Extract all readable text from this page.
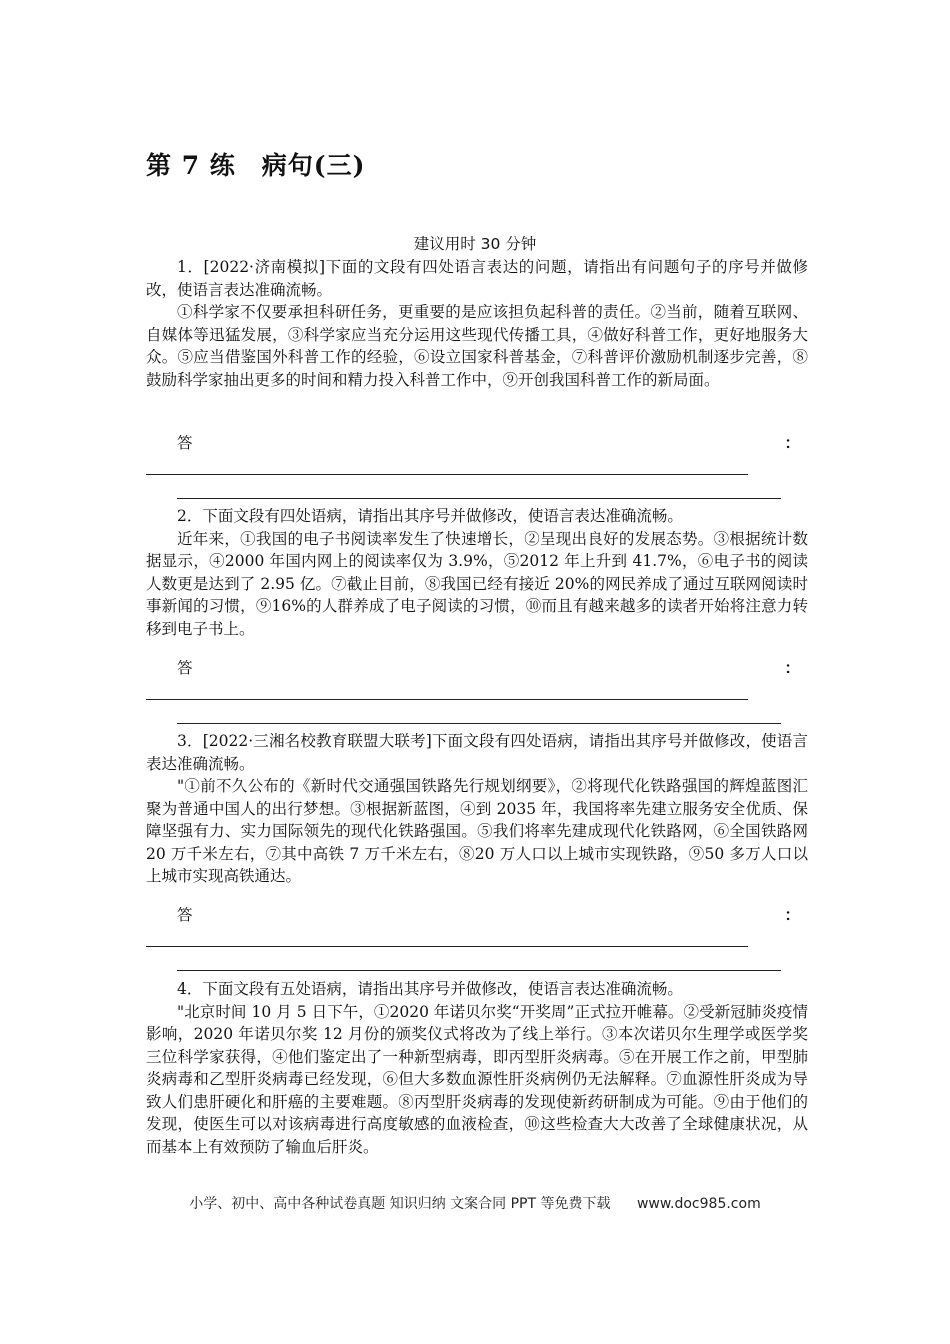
第 7 练　病句(三)
建议用时 30 分钟

1．[2022·济南模拟]下面的文段有四处语言表达的问题，请指出有问题句子的序号并做修改，使语言表达准确流畅。

①科学家不仅要承担科研任务，更重要的是应该担负起科普的责任。②当前，随着互联网、自媒体等迅猛发展，③科学家应当充分运用这些现代传播工具，④做好科普工作，更好地服务大众。⑤应当借鉴国外科普工作的经验，⑥设立国家科普基金，⑦科普评价激励机制逐步完善，⑧鼓励科学家抽出更多的时间和精力投入科普工作中，⑨开创我国科普工作的新局面。

答	：

2．下面文段有四处语病，请指出其序号并做修改，使语言表达准确流畅。

近年来，①我国的电子书阅读率发生了快速增长，②呈现出良好的发展态势。③根据统计数据显示，④2000 年国内网上的阅读率仅为 3.9%，⑤2012 年上升到 41.7%，⑥电子书的阅读人数更是达到了 2.95 亿。⑦截止目前，⑧我国已经有接近 20%的网民养成了通过互联网阅读时事新闻的习惯，⑨16%的人群养成了电子阅读的习惯，⑩而且有越来越多的读者开始将注意力转移到电子书上。

答	：

3．[2022·三湘名校教育联盟大联考]下面文段有四处语病，请指出其序号并做修改，使语言表达准确流畅。

"①前不久公布的《新时代交通强国铁路先行规划纲要》，②将现代化铁路强国的辉煌蓝图汇聚为普通中国人的出行梦想。③根据新蓝图，④到 2035 年，我国将率先建立服务安全优质、保障坚强有力、实力国际领先的现代化铁路强国。⑤我们将率先建成现代化铁路网，⑥全国铁路网 20 万千米左右，⑦其中高铁 7 万千米左右，⑧20 万人口以上城市实现铁路，⑨50 多万人口以上城市实现高铁通达。

答	：

4．下面文段有五处语病，请指出其序号并做修改，使语言表达准确流畅。

"北京时间 10 月 5 日下午，①2020 年诺贝尔奖“开奖周”正式拉开帷幕。②受新冠肺炎疫情影响，2020 年诺贝尔奖 12 月份的颁奖仪式将改为了线上举行。③本次诺贝尔生理学或医学奖三位科学家获得，④他们鉴定出了一种新型病毒，即丙型肝炎病毒。⑤在开展工作之前，甲型肺炎病毒和乙型肝炎病毒已经发现，⑥但大多数血源性肝炎病例仍无法解释。⑦血源性肝炎成为导致人们患肝硬化和肝癌的主要难题。⑧丙型肝炎病毒的发现使新药研制成为可能。⑨由于他们的发现，使医生可以对该病毒进行高度敏感的血液检查，⑩这些检查大大改善了全球健康状况，从而基本上有效预防了输血后肝炎。

小学、初中、高中各种试卷真题 知识归纳 文案合同 PPT 等免费下载 www.doc985.com
